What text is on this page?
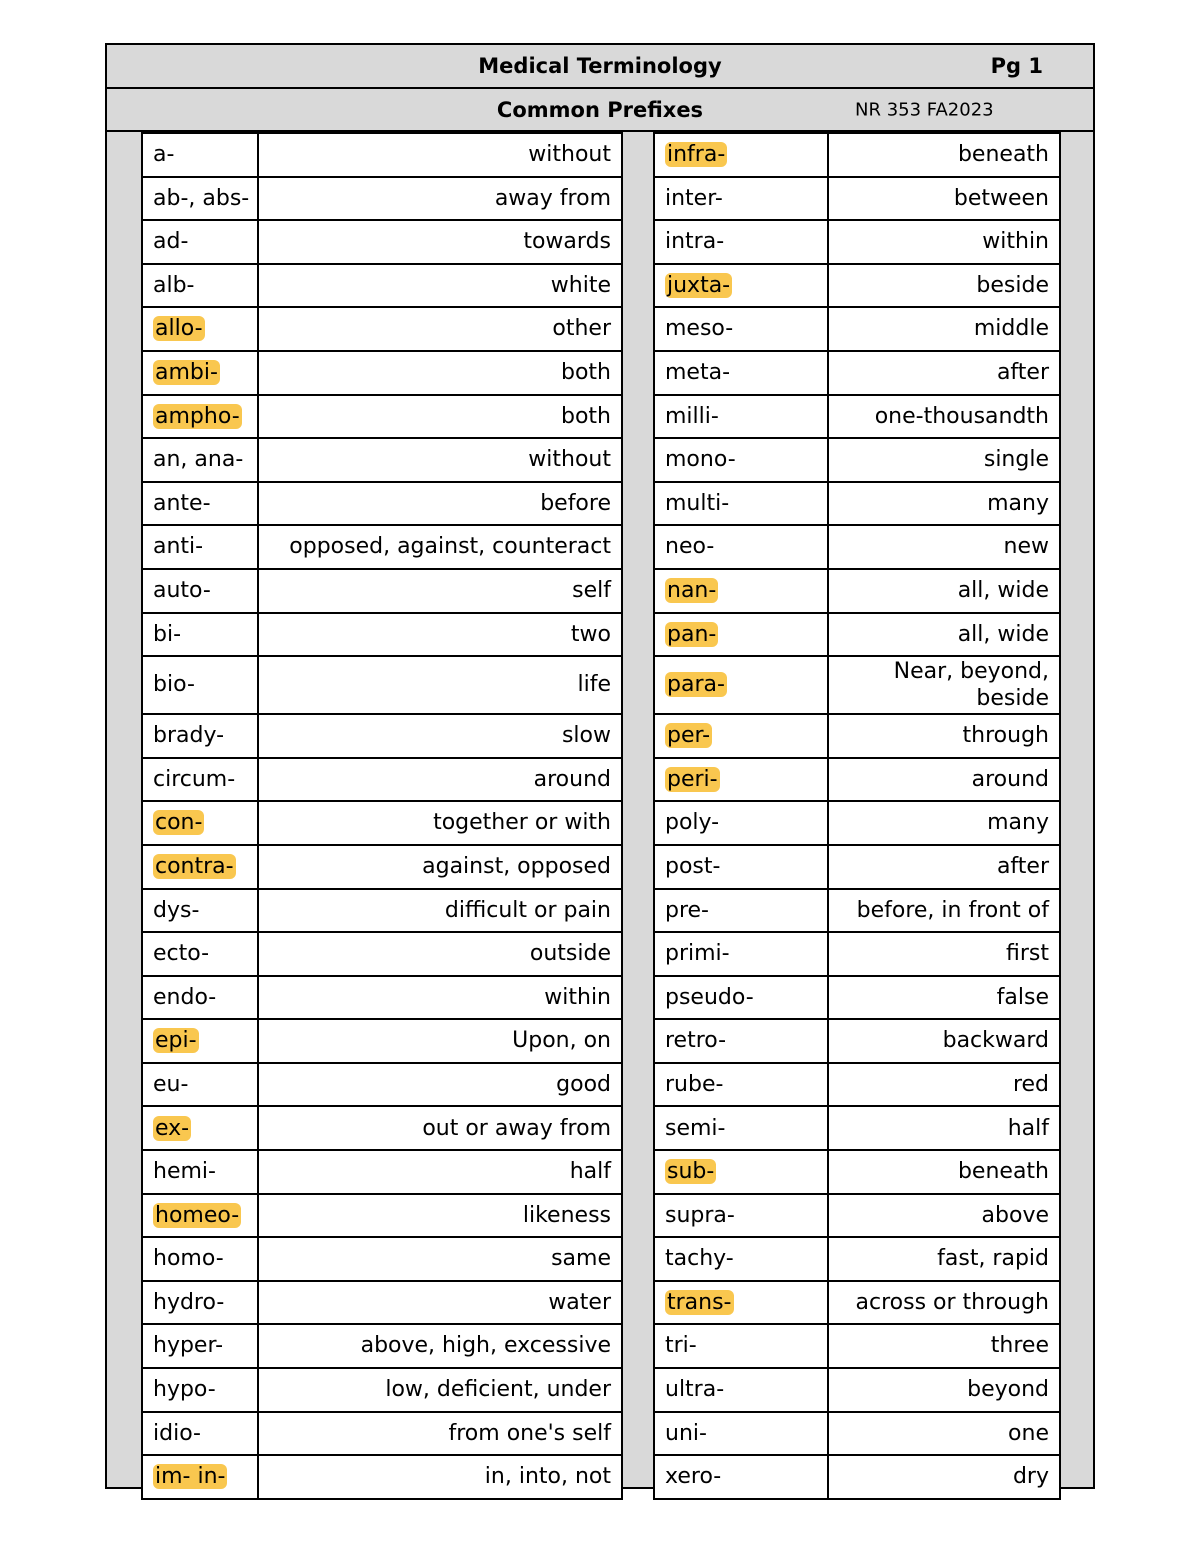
Medical Terminology	Pg 1
Common Prefixes	NR 353 FA2023
a-	without
ab-, abs-	away from
ad-	towards
alb-	white
allo-	other
ambi-	both
ampho-	both
an, ana-	without
ante-	before
anti-	opposed, against, counteract
auto-	self
bi-	two
bio-	life
brady-	slow
circum-	around
con-	together or with
contra-	against, opposed
dys-	difficult or pain
ecto-	outside
endo-	within
epi-	Upon, on
eu-	good
ex-	out or away from
hemi-	half
homeo-	likeness
homo-	same
hydro-	water
hyper-	above, high, excessive
hypo-	low, deficient, under
idio-	from one's self
im- in-	in, into, not
infra-	beneath
inter-	between
intra-	within
juxta-	beside
meso-	middle
meta-	after
milli-	one-thousandth
mono-	single
multi-	many
neo-	new
nan-	all, wide
pan-	all, wide
para-	Near, beyond, beside
per-	through
peri-	around
poly-	many
post-	after
pre-	before, in front of
primi-	first
pseudo-	false
retro-	backward
rube-	red
semi-	half
sub-	beneath
supra-	above
tachy-	fast, rapid
trans-	across or through
tri-	three
ultra-	beyond
uni-	one
xero-	dry
